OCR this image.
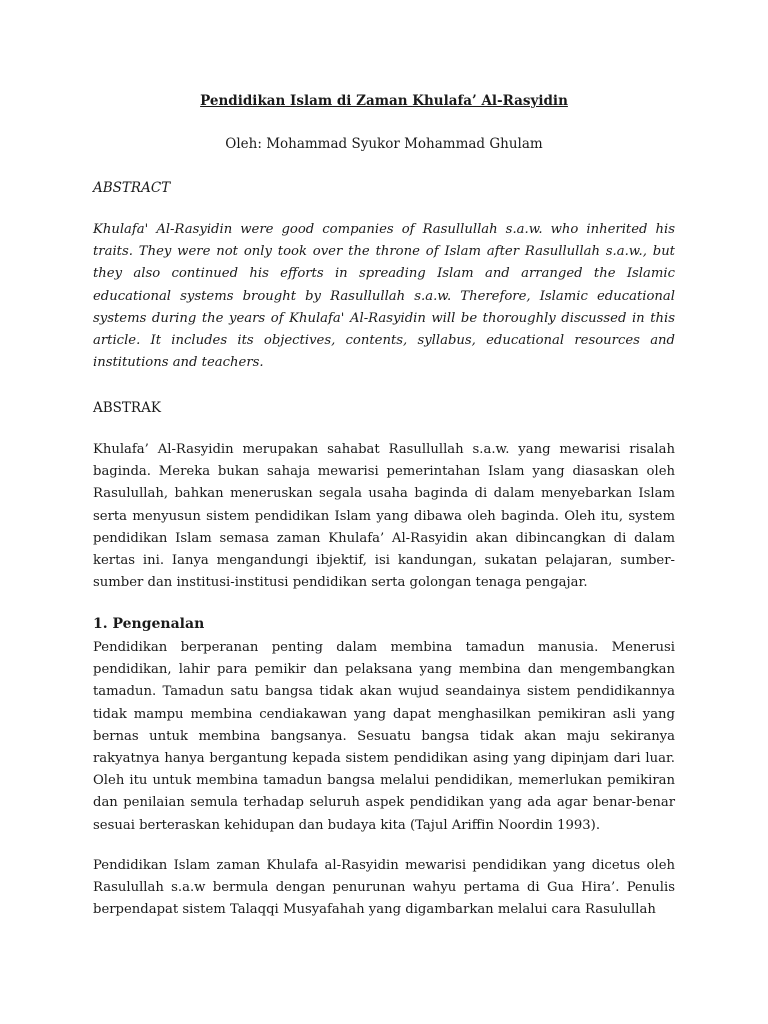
Pendidikan Islam di Zaman Khulafa’ Al-Rasyidin

Oleh: Mohammad Syukor Mohammad Ghulam

ABSTRACT

Khulafa' Al-Rasyidin were good companies of Rasullullah s.a.w. who inherited his traits. They were not only took over the throne of Islam after Rasullullah s.a.w., but they also continued his efforts in spreading Islam and arranged the Islamic educational systems brought by Rasullullah s.a.w. Therefore, Islamic educational systems during the years of Khulafa' Al-Rasyidin will be thoroughly discussed in this article. It includes its objectives, contents, syllabus, educational resources and institutions and teachers.

ABSTRAK

Khulafa’ Al-Rasyidin merupakan sahabat Rasullullah s.a.w. yang mewarisi risalah baginda. Mereka bukan sahaja mewarisi pemerintahan Islam yang diasaskan oleh Rasulullah, bahkan meneruskan segala usaha baginda di dalam menyebarkan Islam serta menyusun sistem pendidikan Islam yang dibawa oleh baginda. Oleh itu, system pendidikan Islam semasa zaman Khulafa’ Al-Rasyidin akan dibincangkan di dalam kertas ini. Ianya mengandungi ibjektif, isi kandungan, sukatan pelajaran, sumber-sumber dan institusi-institusi pendidikan serta golongan tenaga pengajar.

1. Pengenalan

Pendidikan berperanan penting dalam membina tamadun manusia. Menerusi pendidikan, lahir para pemikir dan pelaksana yang membina dan mengembangkan tamadun. Tamadun satu bangsa tidak akan wujud seandainya sistem pendidikannya tidak mampu membina cendiakawan yang dapat menghasilkan pemikiran asli yang bernas untuk membina bangsanya. Sesuatu bangsa tidak akan maju sekiranya rakyatnya hanya bergantung kepada sistem pendidikan asing yang dipinjam dari luar. Oleh itu untuk membina tamadun bangsa melalui pendidikan, memerlukan pemikiran dan penilaian semula terhadap seluruh aspek pendidikan yang ada agar benar-benar sesuai berteraskan kehidupan dan budaya kita (Tajul Ariffin Noordin 1993).

Pendidikan Islam zaman Khulafa al-Rasyidin mewarisi pendidikan yang dicetus oleh Rasulullah s.a.w bermula dengan penurunan wahyu pertama di Gua Hira’. Penulis berpendapat sistem Talaqqi Musyafahah yang digambarkan melalui cara Rasulullah
